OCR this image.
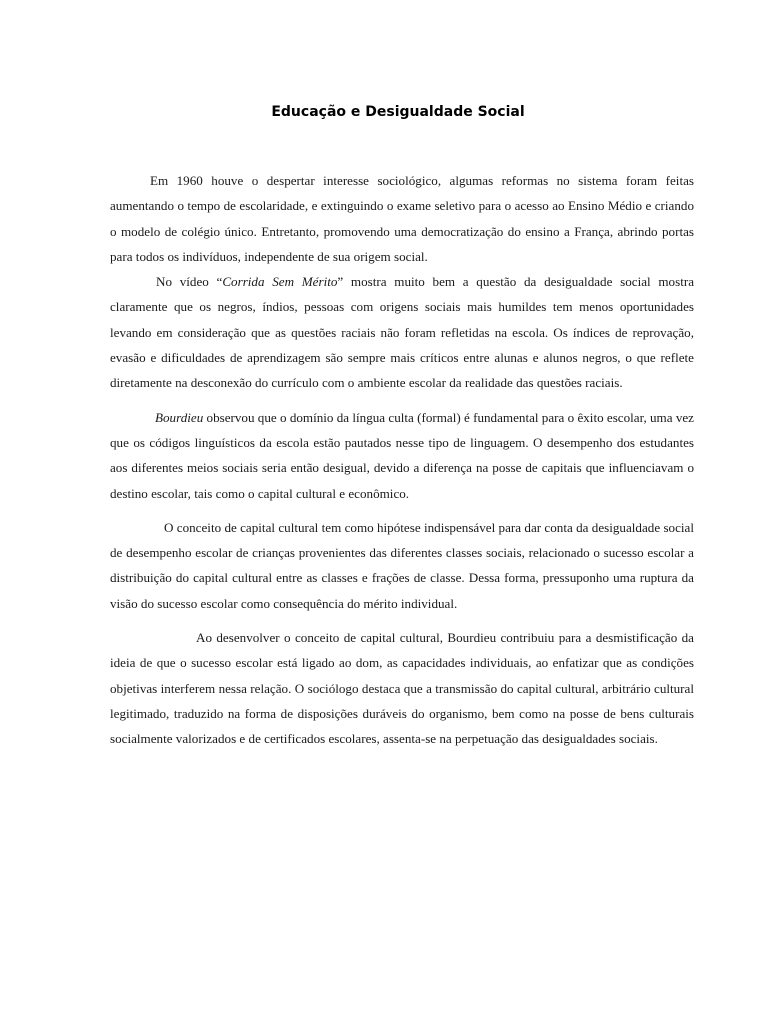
Educação e Desigualdade Social

Em 1960 houve o despertar interesse sociológico, algumas reformas no sistema foram feitas aumentando o tempo de escolaridade, e extinguindo o exame seletivo para o acesso ao Ensino Médio e criando o modelo de colégio único. Entretanto, promovendo uma democratização do ensino a França, abrindo portas para todos os indivíduos, independente de sua origem social.

No vídeo “Corrida Sem Mérito” mostra muito bem a questão da desigualdade social mostra claramente que os negros, índios, pessoas com origens sociais mais humildes tem menos oportunidades levando em consideração que as questões raciais não foram refletidas na escola. Os índices de reprovação, evasão e dificuldades de aprendizagem são sempre mais críticos entre alunas e alunos negros, o que reflete diretamente na desconexão do currículo com o ambiente escolar da realidade das questões raciais.

Bourdieu observou que o domínio da língua culta (formal) é fundamental para o êxito escolar, uma vez que os códigos linguísticos da escola estão pautados nesse tipo de linguagem. O desempenho dos estudantes aos diferentes meios sociais seria então desigual, devido a diferença na posse de capitais que influenciavam o destino escolar, tais como o capital cultural e econômico.

O conceito de capital cultural tem como hipótese indispensável para dar conta da desigualdade social de desempenho escolar de crianças provenientes das diferentes classes sociais, relacionado o sucesso escolar a distribuição do capital cultural entre as classes e frações de classe. Dessa forma, pressuponho uma ruptura da visão do sucesso escolar como consequência do mérito individual.

Ao desenvolver o conceito de capital cultural, Bourdieu contribuiu para a desmistificação da ideia de que o sucesso escolar está ligado ao dom, as capacidades individuais, ao enfatizar que as condições objetivas interferem nessa relação. O sociólogo destaca que a transmissão do capital cultural, arbitrário cultural legitimado, traduzido na forma de disposições duráveis do organismo, bem como na posse de bens culturais socialmente valorizados e de certificados escolares, assenta-se na perpetuação das desigualdades sociais.
